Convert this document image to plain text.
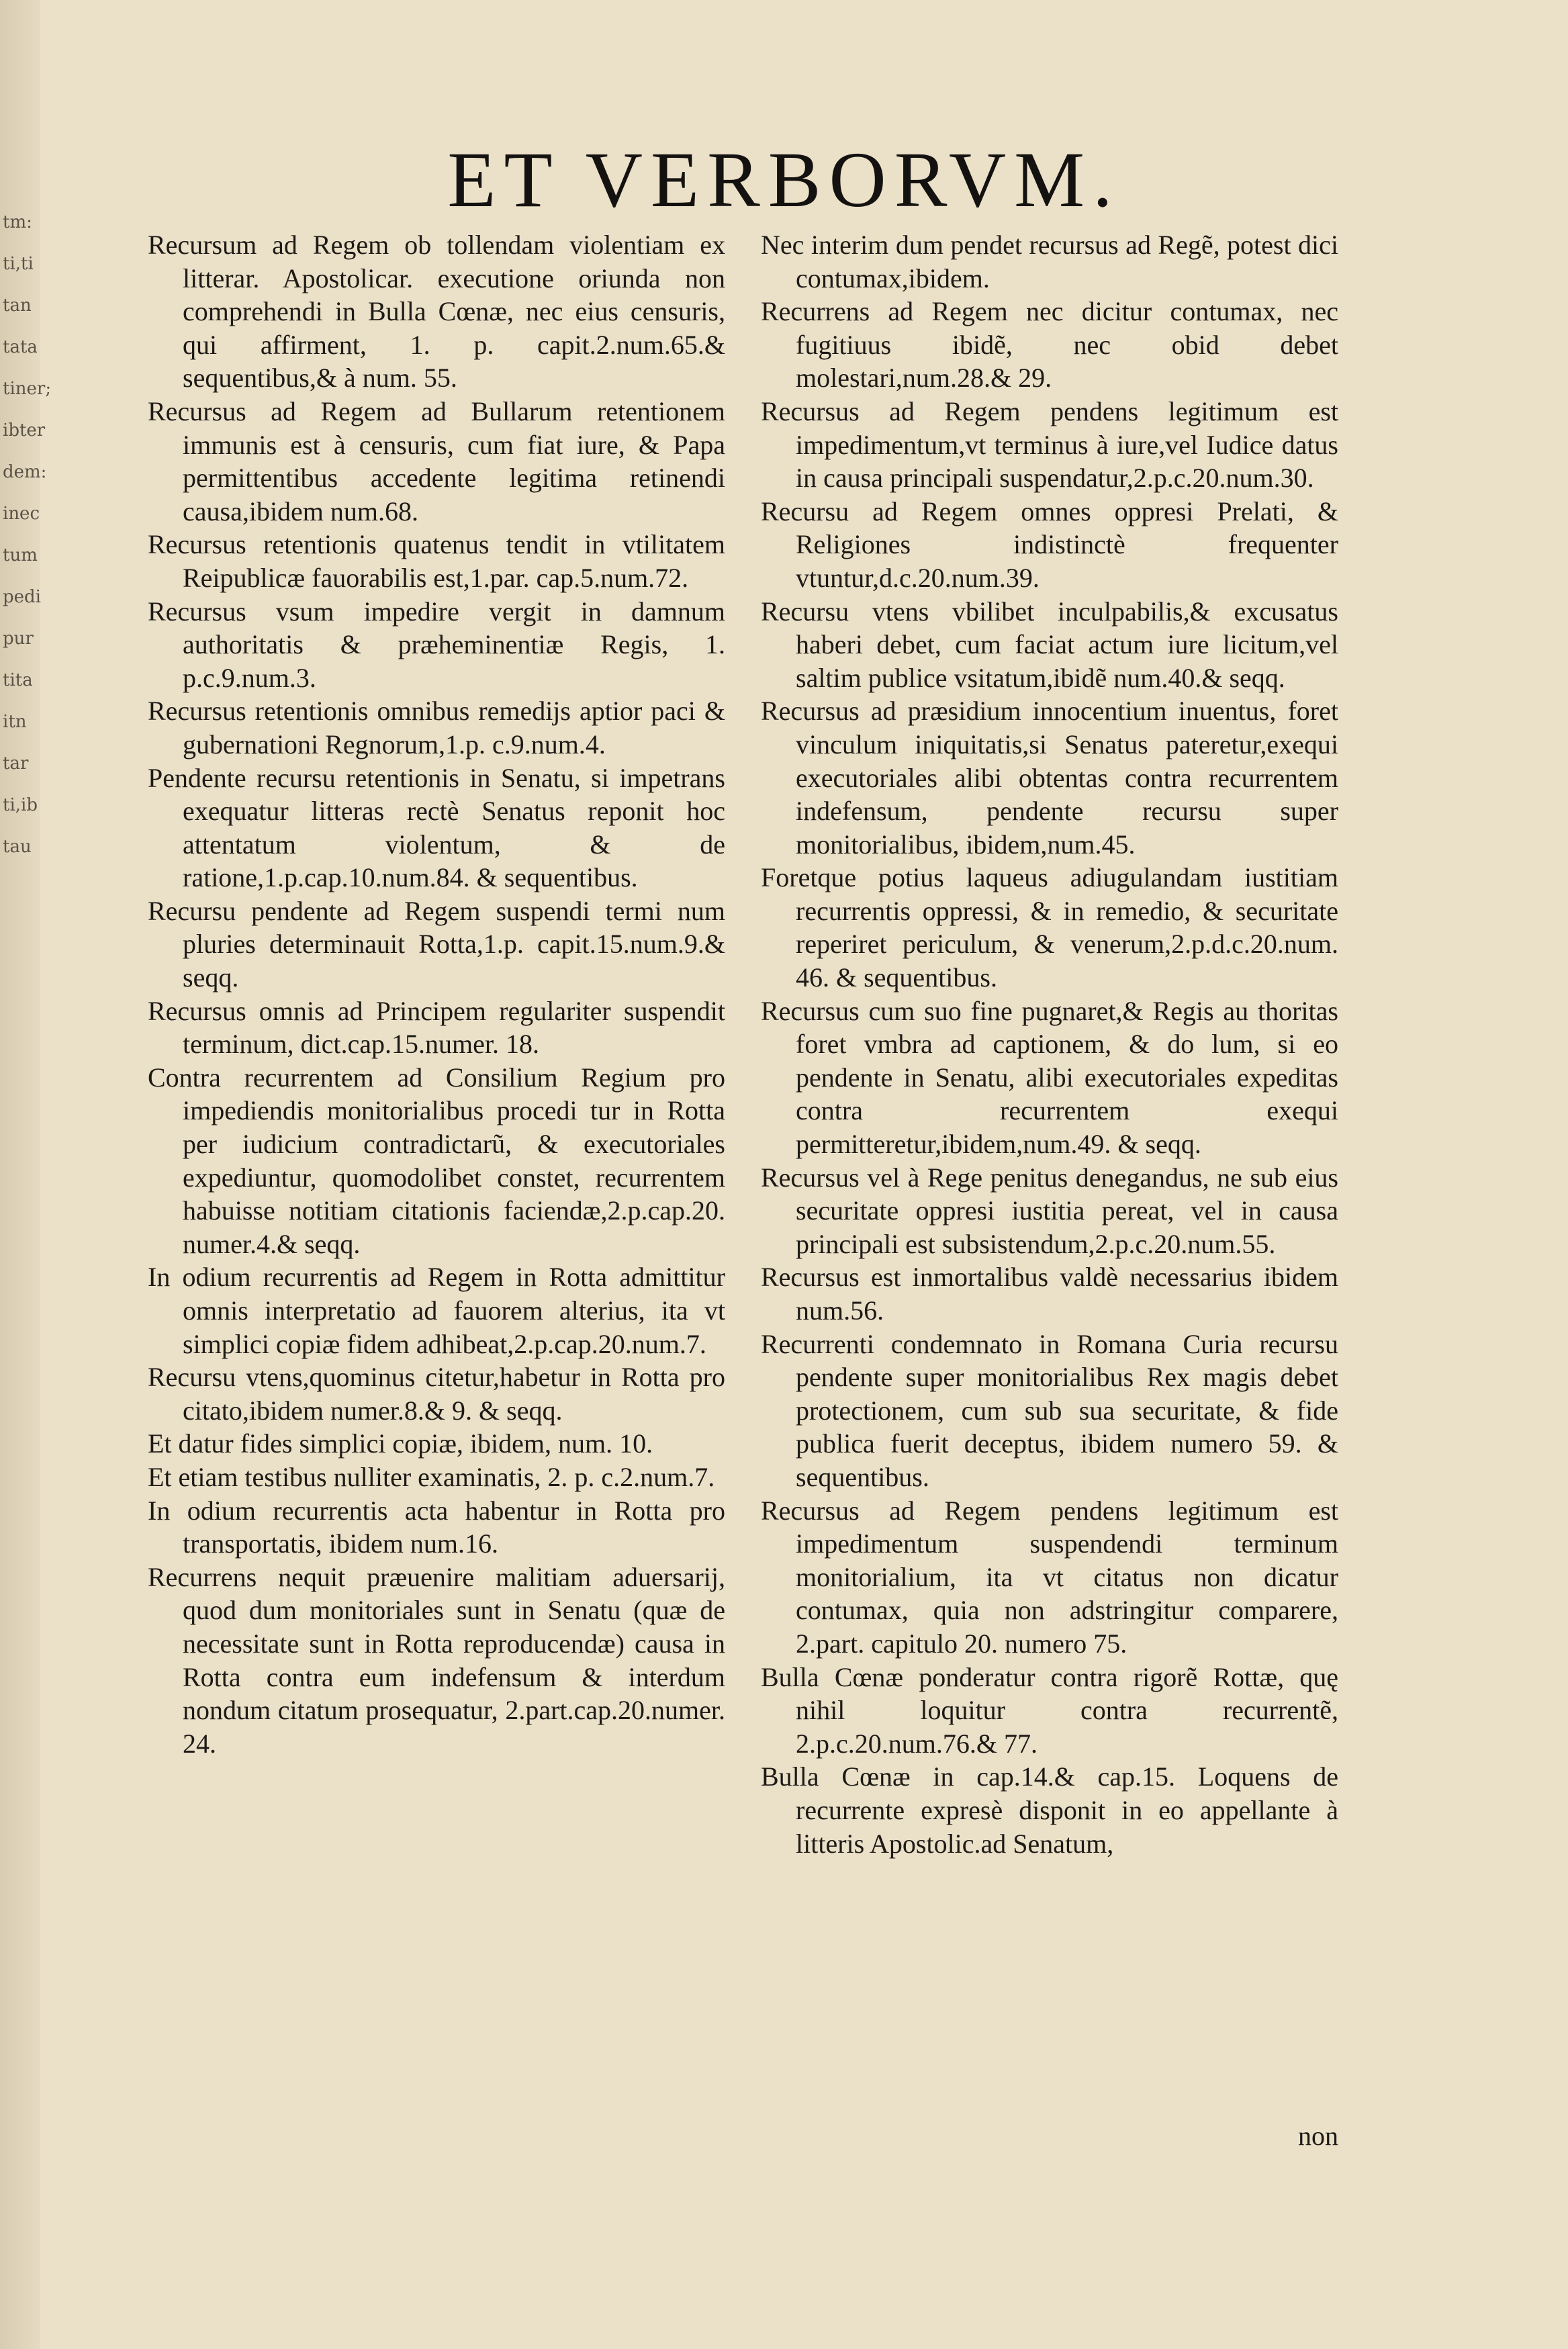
tm:
ti,ti
tan
tata
tiner;
ibter
dem:
inec
tum
pedi
pur
tita
itn
tar
ti,ib
tau
ET VERBORVM.

Recursum ad Regem ob tollendam violentiam ex litterar. Apostolicar. executione oriunda non comprehendi in Bulla Cœnæ, nec eius censuris, qui affirment, 1. p. capit.2.num.65.& sequentibus,& à num. 55.

Recursus ad Regem ad Bullarum retentionem immunis est à censuris, cum fiat iure, & Papa permittentibus accedente legitima retinendi causa,ibidem num.68.

Recursus retentionis quatenus tendit in vtilitatem Reipublicæ fauorabilis est,1.par. cap.5.num.72.

Recursus vsum impedire vergit in damnum authoritatis & præheminentiæ Regis, 1. p.c.9.num.3.

Recursus retentionis omnibus remedijs aptior paci & gubernationi Regnorum,1.p. c.9.num.4.

Pendente recursu retentionis in Senatu, si impetrans exequatur litteras rectè Senatus reponit hoc attentatum violentum, & de ratione,1.p.cap.10.num.84. & sequentibus.

Recursu pendente ad Regem suspendi termi num pluries determinauit Rotta,1.p. capit.15.num.9.& seqq.

Recursus omnis ad Principem regulariter suspendit terminum, dict.cap.15.numer. 18.

Contra recurrentem ad Consilium Regium pro impediendis monitorialibus procedi tur in Rotta per iudicium contradictarũ, & executoriales expediuntur, quomodolibet constet, recurrentem habuisse notitiam citationis faciendæ,2.p.cap.20. numer.4.& seqq.

In odium recurrentis ad Regem in Rotta admittitur omnis interpretatio ad fauorem alterius, ita vt simplici copiæ fidem adhibeat,2.p.cap.20.num.7.

Recursu vtens,quominus citetur,habetur in Rotta pro citato,ibidem numer.8.& 9. & seqq.

Et datur fides simplici copiæ, ibidem, num. 10.

Et etiam testibus nulliter examinatis, 2. p. c.2.num.7.

In odium recurrentis acta habentur in Rotta pro transportatis, ibidem num.16.

Recurrens nequit præuenire malitiam aduersarij, quod dum monitoriales sunt in Senatu (quæ de necessitate sunt in Rotta reproducendæ) causa in Rotta contra eum indefensum & interdum nondum citatum prosequatur, 2.part.cap.20.numer. 24.

Nec interim dum pendet recursus ad Regẽ, potest dici contumax,ibidem.

Recurrens ad Regem nec dicitur contumax, nec fugitiuus ibidẽ, nec obid debet molestari,num.28.& 29.

Recursus ad Regem pendens legitimum est impedimentum,vt terminus à iure,vel Iudice datus in causa principali suspendatur,2.p.c.20.num.30.

Recursu ad Regem omnes oppresi Prelati, & Religiones indistinctè frequenter vtuntur,d.c.20.num.39.

Recursu vtens vbilibet inculpabilis,& excusatus haberi debet, cum faciat actum iure licitum,vel saltim publice vsitatum,ibidẽ num.40.& seqq.

Recursus ad præsidium innocentium inuentus, foret vinculum iniquitatis,si Senatus pateretur,exequi executoriales alibi obtentas contra recurrentem indefensum, pendente recursu super monitorialibus, ibidem,num.45.

Foretque potius laqueus adiugulandam iustitiam recurrentis oppressi, & in remedio, & securitate reperiret periculum, & venerum,2.p.d.c.20.num. 46. & sequentibus.

Recursus cum suo fine pugnaret,& Regis au thoritas foret vmbra ad captionem, & do lum, si eo pendente in Senatu, alibi executoriales expeditas contra recurrentem exequi permitteretur,ibidem,num.49. & seqq.

Recursus vel à Rege penitus denegandus, ne sub eius securitate oppresi iustitia pereat, vel in causa principali est subsistendum,2.p.c.20.num.55.

Recursus est inmortalibus valdè necessarius ibidem num.56.

Recurrenti condemnato in Romana Curia recursu pendente super monitorialibus Rex magis debet protectionem, cum sub sua securitate, & fide publica fuerit deceptus, ibidem numero 59. & sequentibus.

Recursus ad Regem pendens legitimum est impedimentum suspendendi terminum monitorialium, ita vt citatus non dicatur contumax, quia non adstringitur comparere, 2.part. capitulo 20. numero 75.

Bulla Cœnæ ponderatur contra rigorẽ Rottæ, quę nihil loquitur contra recurrentẽ, 2.p.c.20.num.76.& 77.

Bulla Cœnæ in cap.14.& cap.15. Loquens de recurrente expresè disponit in eo appellante à litteris Apostolic.ad Senatum,

non
